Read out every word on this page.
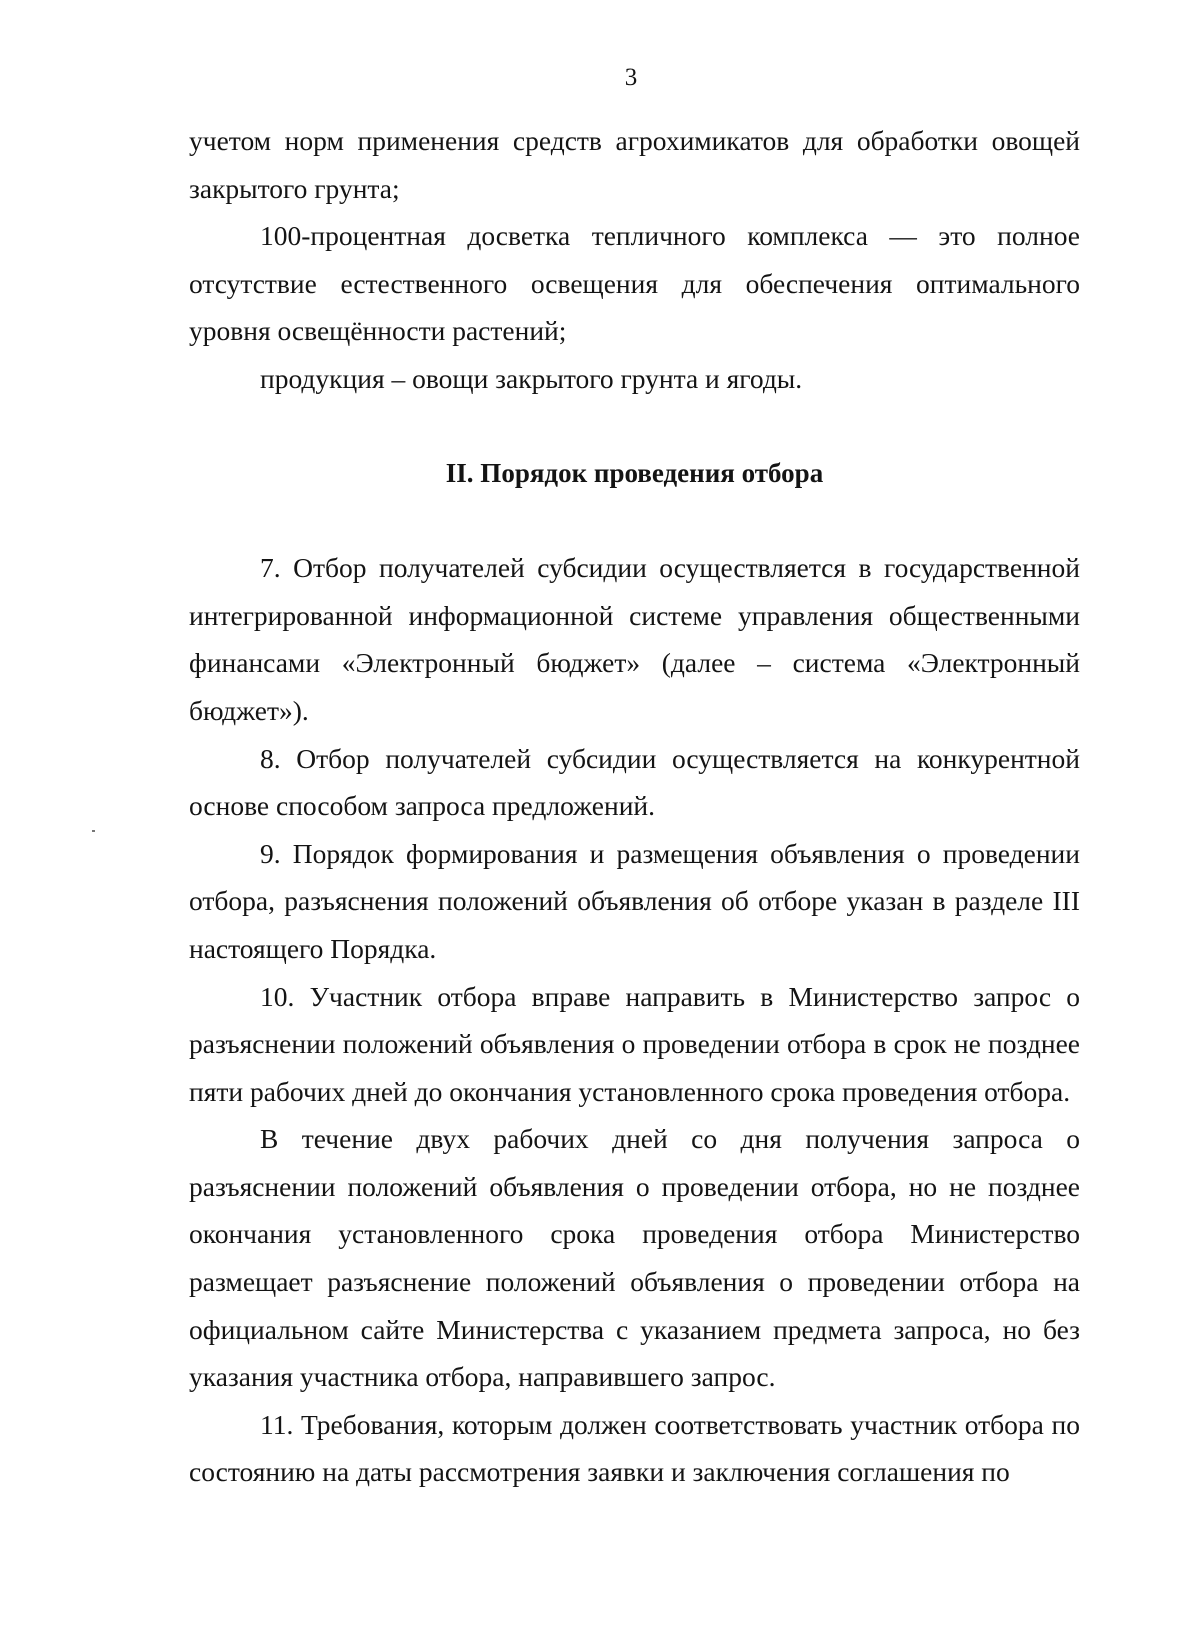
3

учетом норм применения средств агрохимикатов для обработки овощей закрытого грунта;

100-процентная досветка тепличного комплекса — это полное отсутствие естественного освещения для обеспечения оптимального уровня освещённости растений;

продукция – овощи закрытого грунта и ягоды.

II. Порядок проведения отбора

7. Отбор получателей субсидии осуществляется в государственной интегрированной информационной системе управления общественными финансами «Электронный бюджет» (далее – система «Электронный бюджет»).

8. Отбор получателей субсидии осуществляется на конкурентной основе способом запроса предложений.

9. Порядок формирования и размещения объявления о проведении отбора, разъяснения положений объявления об отборе указан в разделе III настоящего Порядка.

10. Участник отбора вправе направить в Министерство запрос о разъяснении положений объявления о проведении отбора в срок не позднее пяти рабочих дней до окончания установленного срока проведения отбора.

В течение двух рабочих дней со дня получения запроса о разъяснении положений объявления о проведении отбора, но не позднее окончания установленного срока проведения отбора Министерство размещает разъяснение положений объявления о проведении отбора на официальном сайте Министерства с указанием предмета запроса, но без указания участника отбора, направившего запрос.

11. Требования, которым должен соответствовать участник отбора по состоянию на даты рассмотрения заявки и заключения соглашения по
